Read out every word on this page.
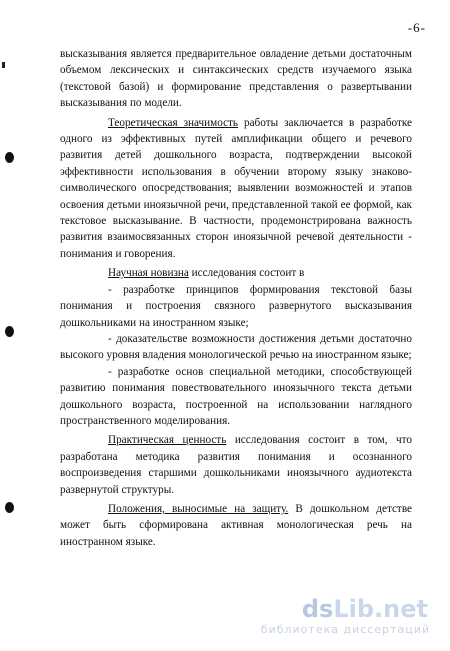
-6-

высказывания является предварительное овладение детьми достаточным объемом лексических и синтаксических средств изучаемого языка (текстовой базой) и формирование представления о развертывании высказывания по модели.

Теоретическая значимость работы заключается в разработке одного из эффективных путей амплификации общего и речевого развития детей дошкольного возраста, подтверждении высокой эффективности использования в обучении второму языку знаково-символического опосредствования; выявлении возможностей и этапов освоения детьми иноязычной речи, представленной такой ее формой, как текстовое высказывание. В частности, продемонстрирована важность развития взаимосвязанных сторон иноязычной речевой деятельности - понимания и говорения.

Научная новизна исследования состоит в

- разработке принципов формирования текстовой базы понимания и построения связного развернутого высказывания дошкольниками на иностранном языке;

- доказательстве возможности достижения детьми достаточно высокого уровня владения монологической речью на иностранном языке;

- разработке основ специальной методики, способствующей развитию понимания повествовательного иноязычного текста детьми дошкольного возраста, построенной на использовании наглядного пространственного моделирования.

Практическая ценность исследования состоит в том, что разработана методика развития понимания и осознанного воспроизведения старшими дошкольниками иноязычного аудиотекста развернутой структуры.

Положения, выносимые на защиту. В дошкольном детстве может быть сформирована активная монологическая речь на иностранном языке.

dsLib.net
библиотека диссертаций
